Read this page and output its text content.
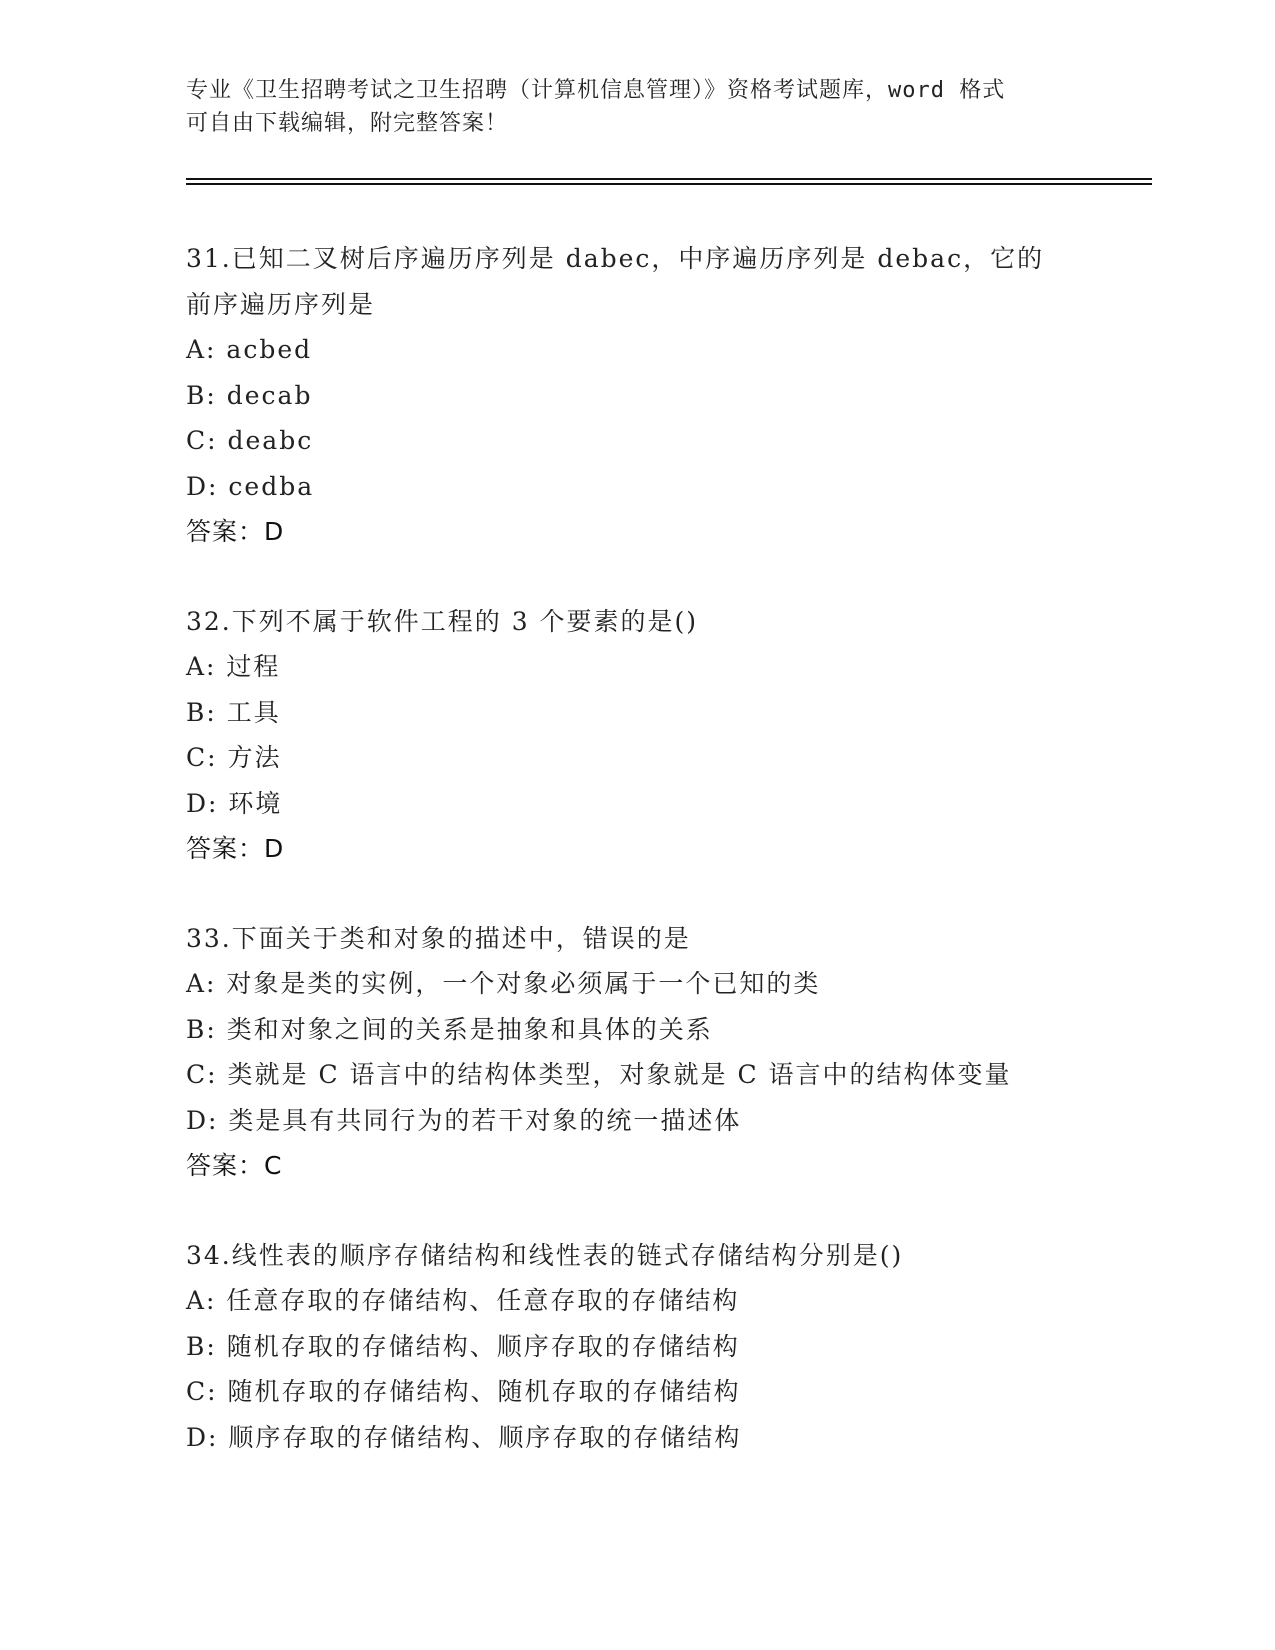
专业《卫生招聘考试之卫生招聘（计算机信息管理）》资格考试题库，word 格式
可自由下载编辑，附完整答案！
31.已知二叉树后序遍历序列是 dabec，中序遍历序列是 debac，它的
前序遍历序列是
A: acbed
B: decab
C: deabc
D: cedba
答案：D
32.下列不属于软件工程的 3 个要素的是()
A: 过程
B: 工具
C: 方法
D: 环境
答案：D
33.下面关于类和对象的描述中，错误的是
A: 对象是类的实例，一个对象必须属于一个已知的类
B: 类和对象之间的关系是抽象和具体的关系
C: 类就是 C 语言中的结构体类型，对象就是 C 语言中的结构体变量
D: 类是具有共同行为的若干对象的统一描述体
答案：C
34.线性表的顺序存储结构和线性表的链式存储结构分别是()
A: 任意存取的存储结构、任意存取的存储结构
B: 随机存取的存储结构、顺序存取的存储结构
C: 随机存取的存储结构、随机存取的存储结构
D: 顺序存取的存储结构、顺序存取的存储结构
